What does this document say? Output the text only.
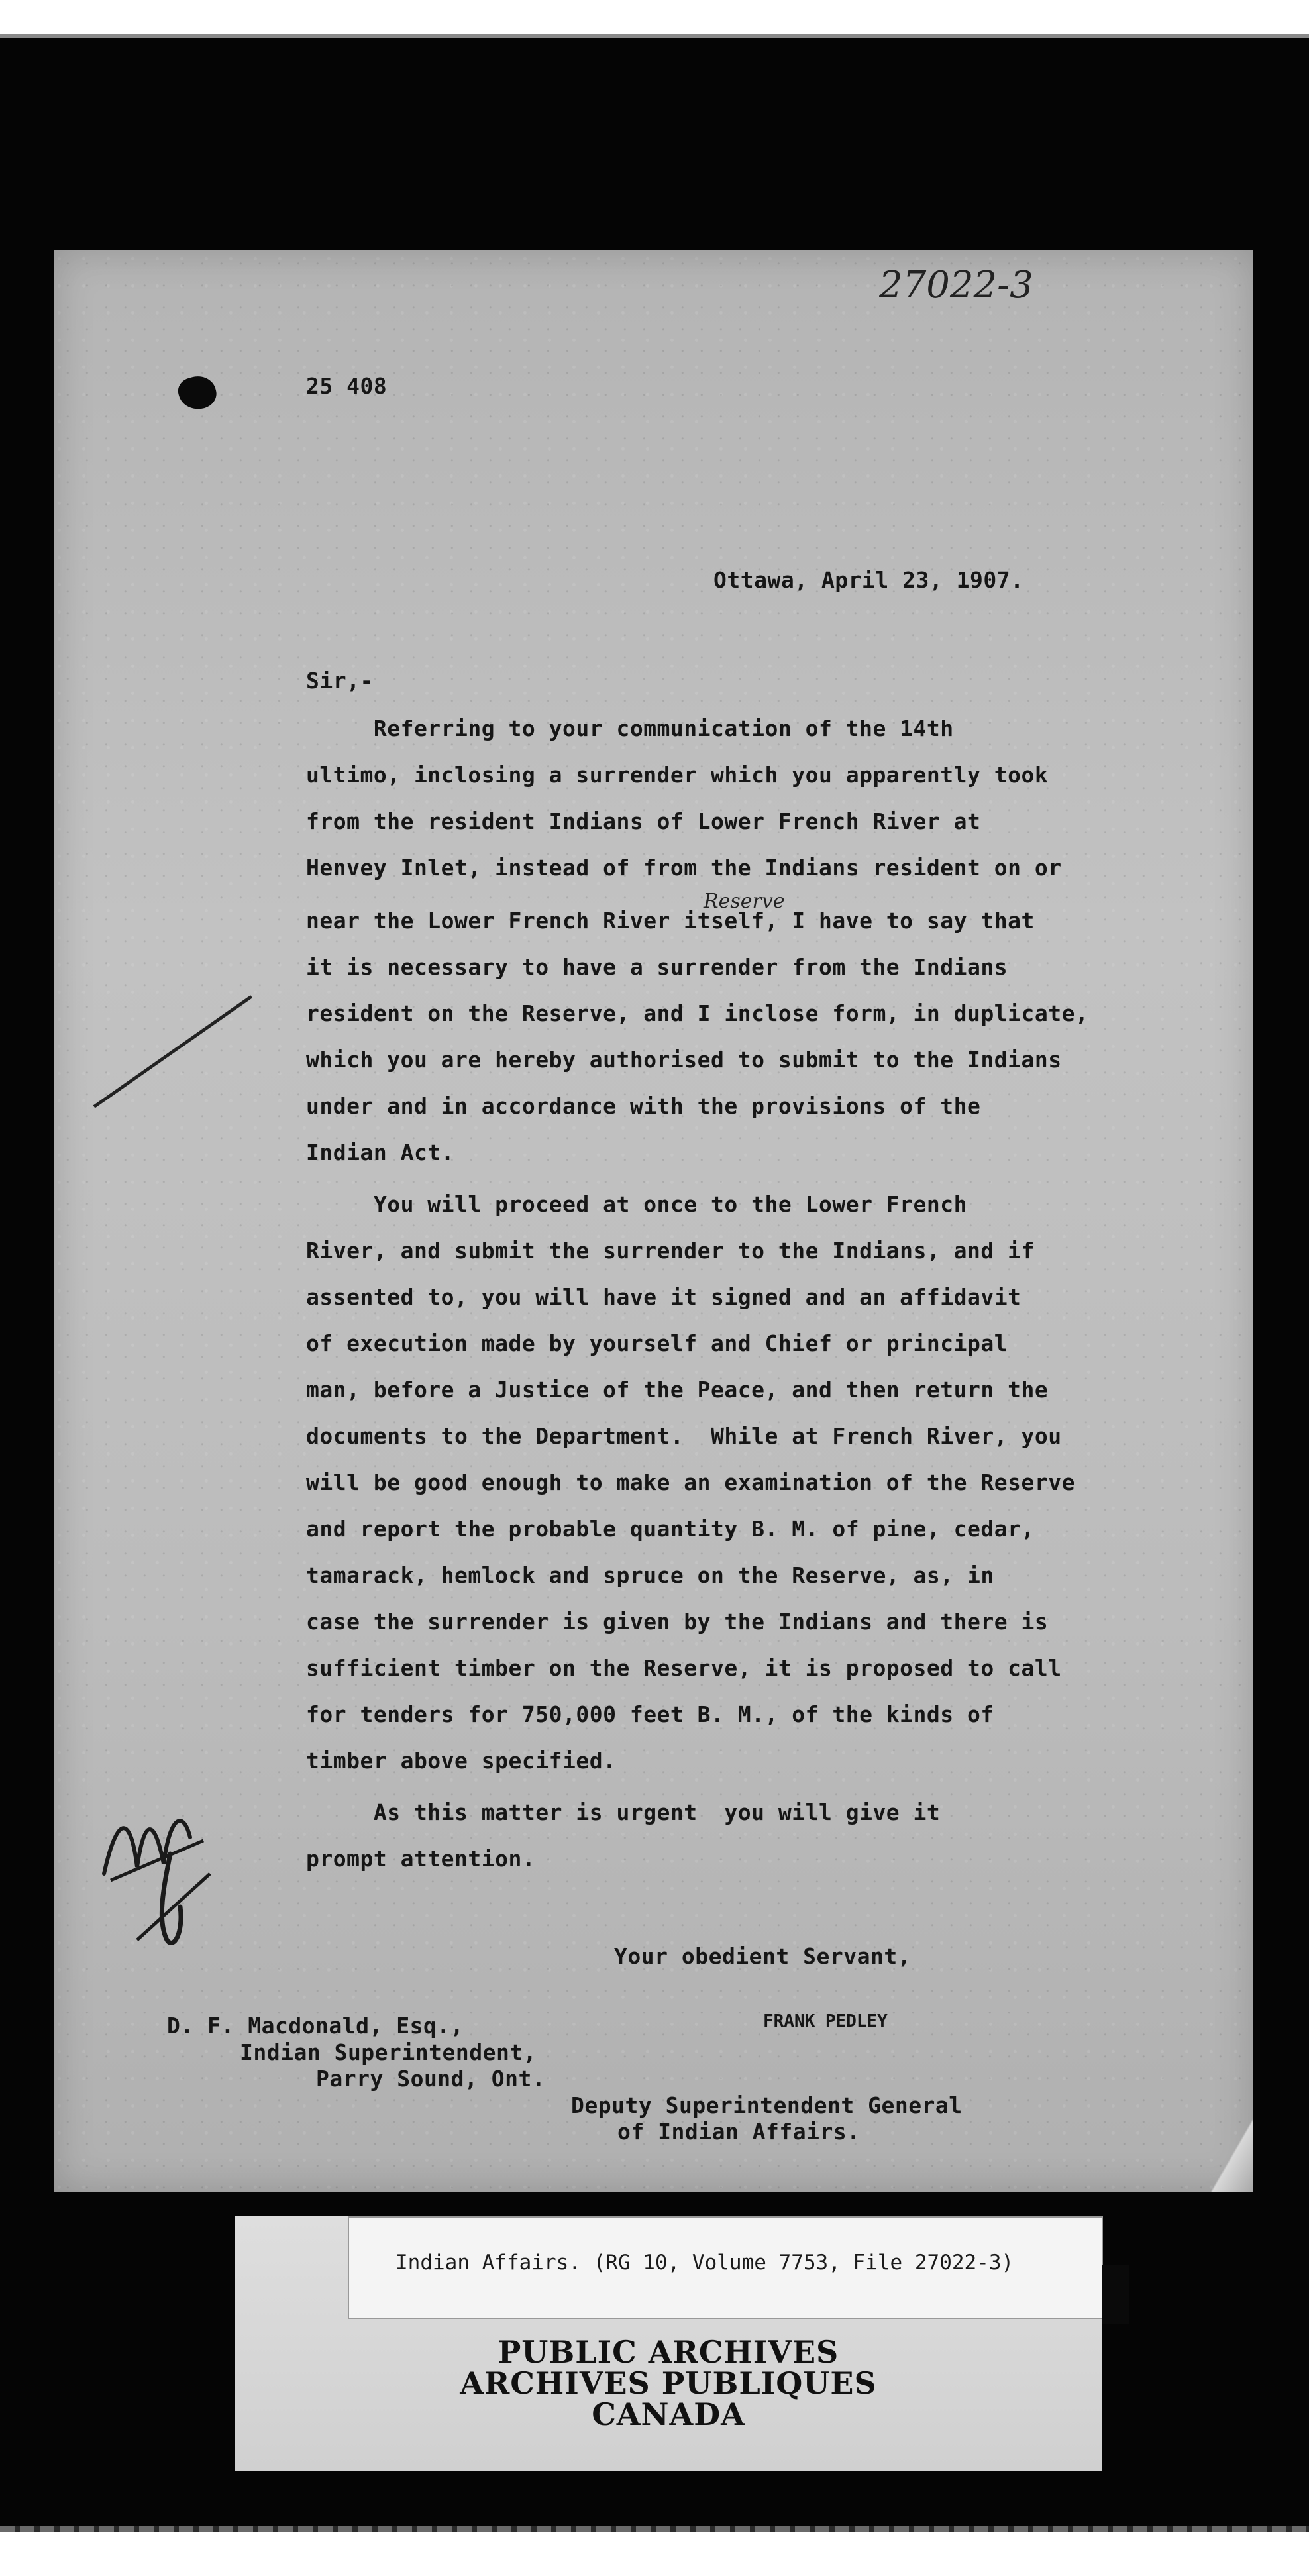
27022-3
25 408
Ottawa, April 23, 1907.
Sir,-
Referring to your communication of the 14th
ultimo, inclosing a surrender which you apparently took
from the resident Indians of Lower French River at
Henvey Inlet, instead of from the Indians resident on or
Reserve
near the Lower French River itself, I have to say that
it is necessary to have a surrender from the Indians
resident on the Reserve, and I inclose form, in duplicate,
which you are hereby authorised to submit to the Indians
under and in accordance with the provisions of the
Indian Act.
You will proceed at once to the Lower French
River, and submit the surrender to the Indians, and if
assented to, you will have it signed and an affidavit
of execution made by yourself and Chief or principal
man, before a Justice of the Peace, and then return the
documents to the Department.  While at French River, you
will be good enough to make an examination of the Reserve
and report the probable quantity B. M. of pine, cedar,
tamarack, hemlock and spruce on the Reserve, as, in
case the surrender is given by the Indians and there is
sufficient timber on the Reserve, it is proposed to call
for tenders for 750,000 feet B. M., of the kinds of
timber above specified.
As this matter is urgent  you will give it
prompt attention.
Your obedient Servant,
FRANK PEDLEY
D. F. Macdonald, Esq.,
Indian Superintendent,
Parry Sound, Ont.
Deputy Superintendent General
of Indian Affairs.
PUBLIC ARCHIVES
ARCHIVES PUBLIQUES
CANADA
Indian Affairs. (RG 10, Volume 7753, File 27022-3)
